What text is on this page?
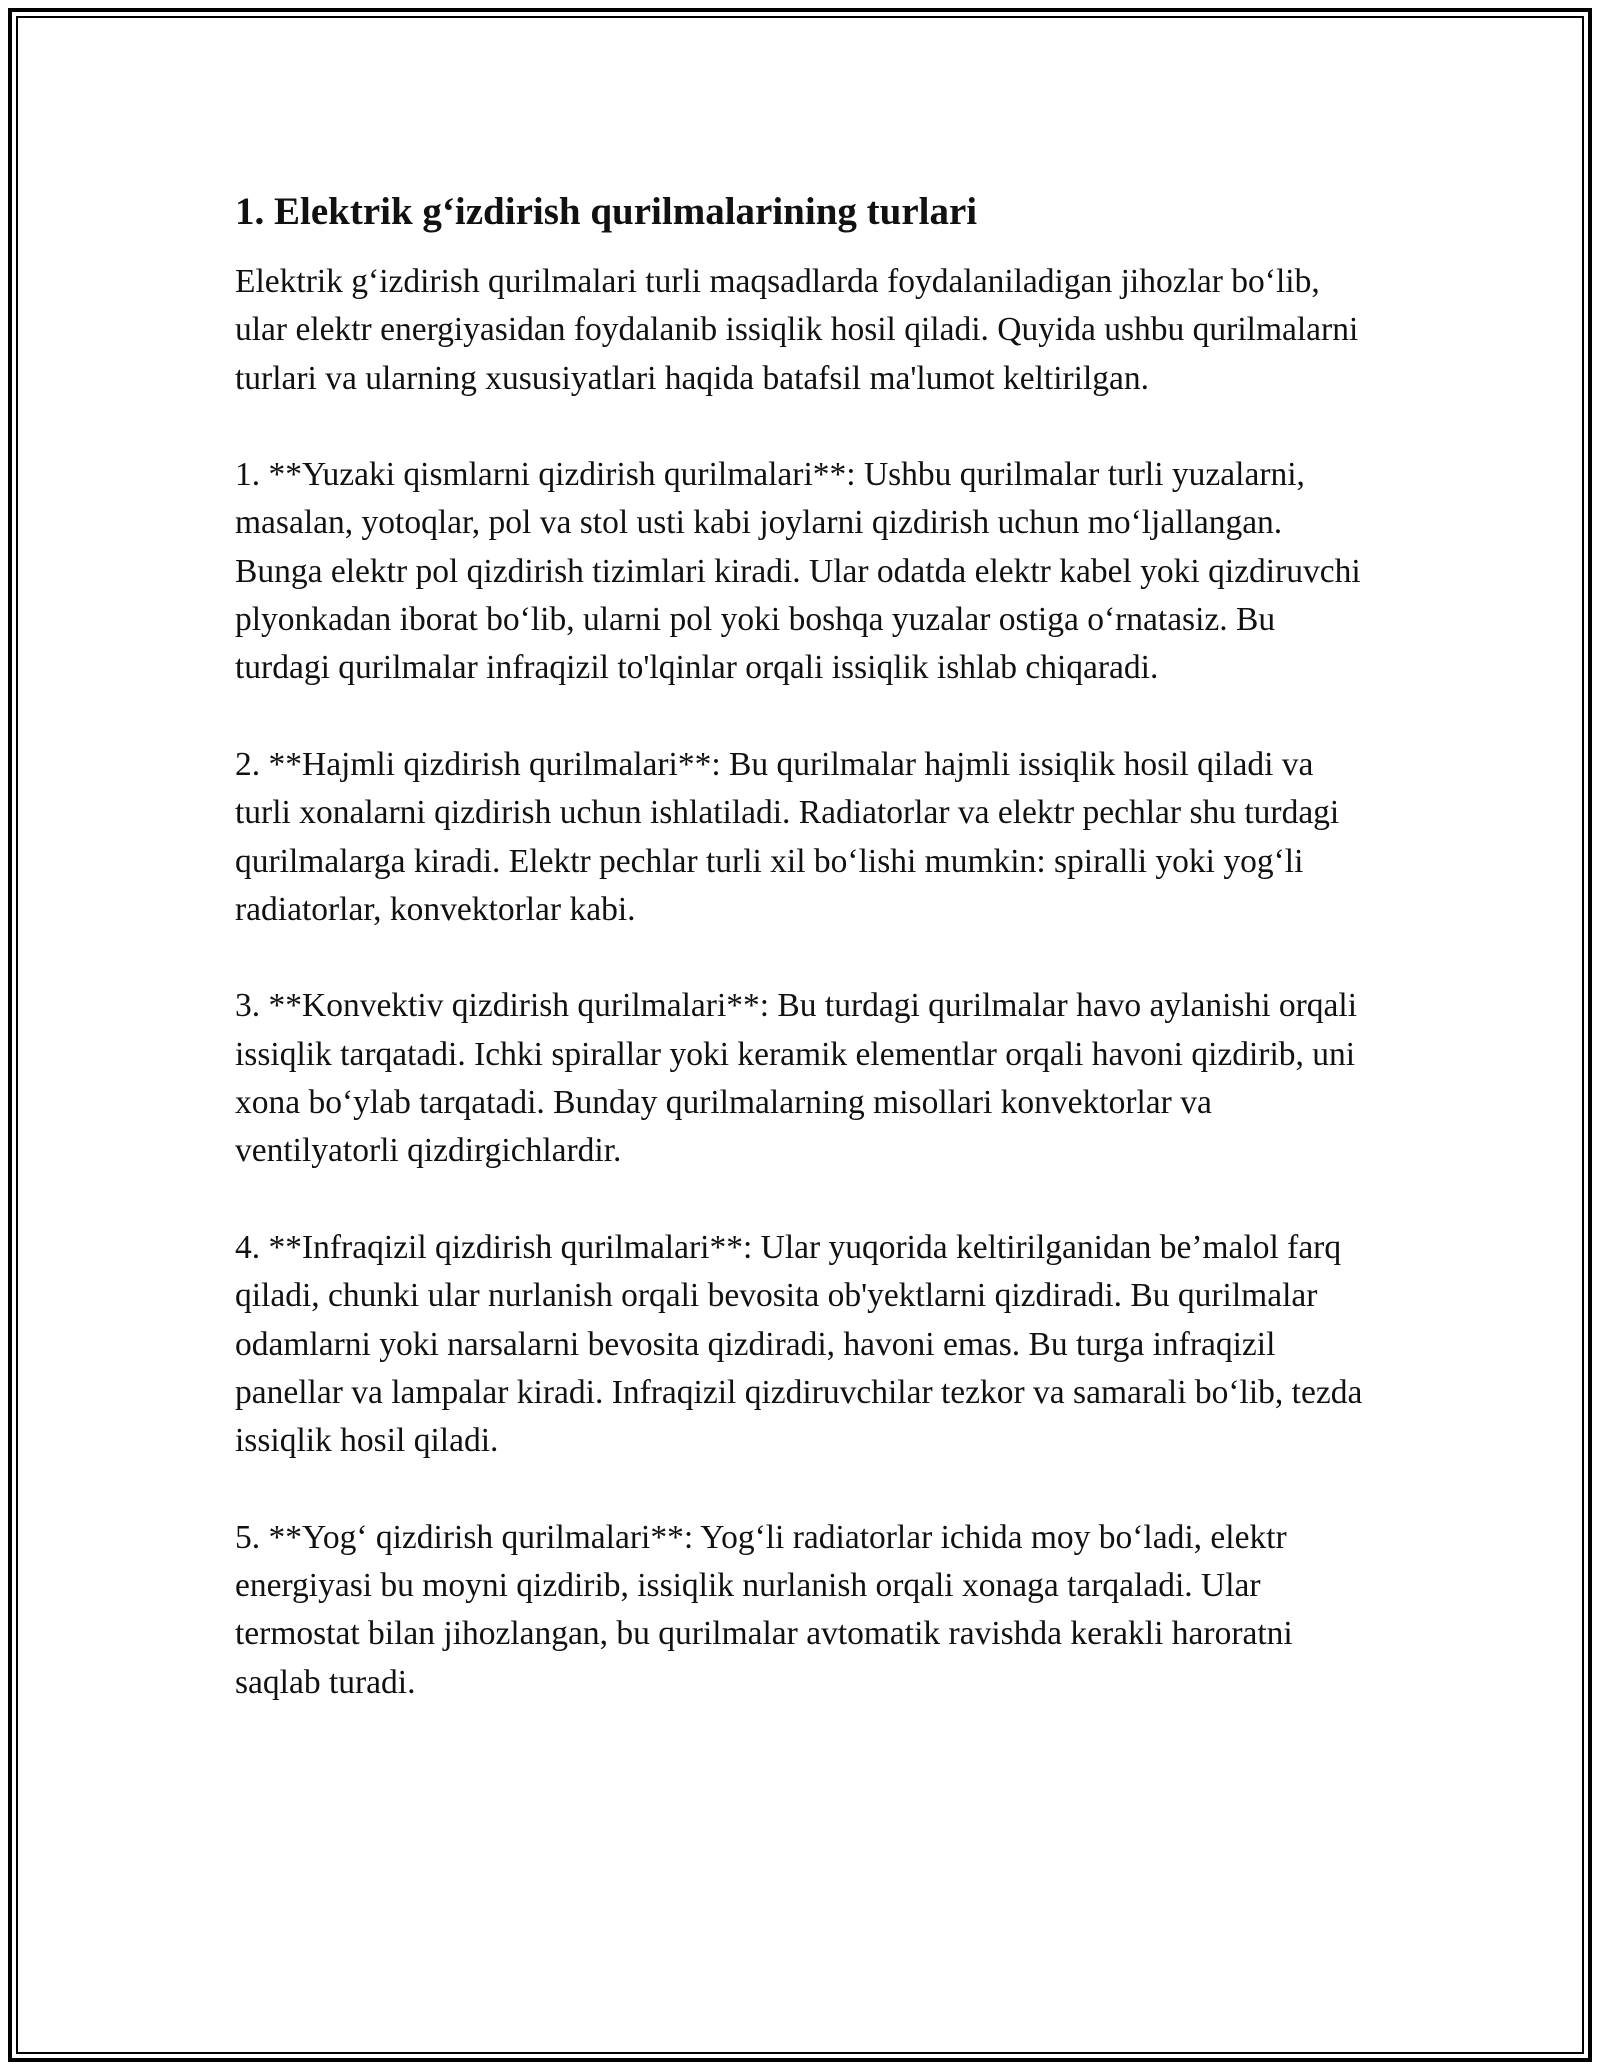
1. Elektrik g‘izdirish qurilmalarining turlari

Elektrik g‘izdirish qurilmalari turli maqsadlarda foydalaniladigan jihozlar bo‘lib, ular elektr energiyasidan foydalanib issiqlik hosil qiladi. Quyida ushbu qurilmalarni turlari va ularning xususiyatlari haqida batafsil ma'lumot keltirilgan.

1. **Yuzaki qismlarni qizdirish qurilmalari**: Ushbu qurilmalar turli yuzalarni, masalan, yotoqlar, pol va stol usti kabi joylarni qizdirish uchun mo‘ljallangan. Bunga elektr pol qizdirish tizimlari kiradi. Ular odatda elektr kabel yoki qizdiruvchi plyonkadan iborat bo‘lib, ularni pol yoki boshqa yuzalar ostiga o‘rnatasiz. Bu turdagi qurilmalar infraqizil to'lqinlar orqali issiqlik ishlab chiqaradi.

2. **Hajmli qizdirish qurilmalari**: Bu qurilmalar hajmli issiqlik hosil qiladi va turli xonalarni qizdirish uchun ishlatiladi. Radiatorlar va elektr pechlar shu turdagi qurilmalarga kiradi. Elektr pechlar turli xil bo‘lishi mumkin: spiralli yoki yog‘li radiatorlar, konvektorlar kabi.

3. **Konvektiv qizdirish qurilmalari**: Bu turdagi qurilmalar havo aylanishi orqali issiqlik tarqatadi. Ichki spirallar yoki keramik elementlar orqali havoni qizdirib, uni xona bo‘ylab tarqatadi. Bunday qurilmalarning misollari konvektorlar va ventilyatorli qizdirgichlardir.

4. **Infraqizil qizdirish qurilmalari**: Ular yuqorida keltirilganidan be’malol farq qiladi, chunki ular nurlanish orqali bevosita ob'yektlarni qizdiradi. Bu qurilmalar odamlarni yoki narsalarni bevosita qizdiradi, havoni emas. Bu turga infraqizil panellar va lampalar kiradi. Infraqizil qizdiruvchilar tezkor va samarali bo‘lib, tezda issiqlik hosil qiladi.

5. **Yog‘ qizdirish qurilmalari**: Yog‘li radiatorlar ichida moy bo‘ladi, elektr energiyasi bu moyni qizdirib, issiqlik nurlanish orqali xonaga tarqaladi. Ular termostat bilan jihozlangan, bu qurilmalar avtomatik ravishda kerakli haroratni saqlab turadi.
